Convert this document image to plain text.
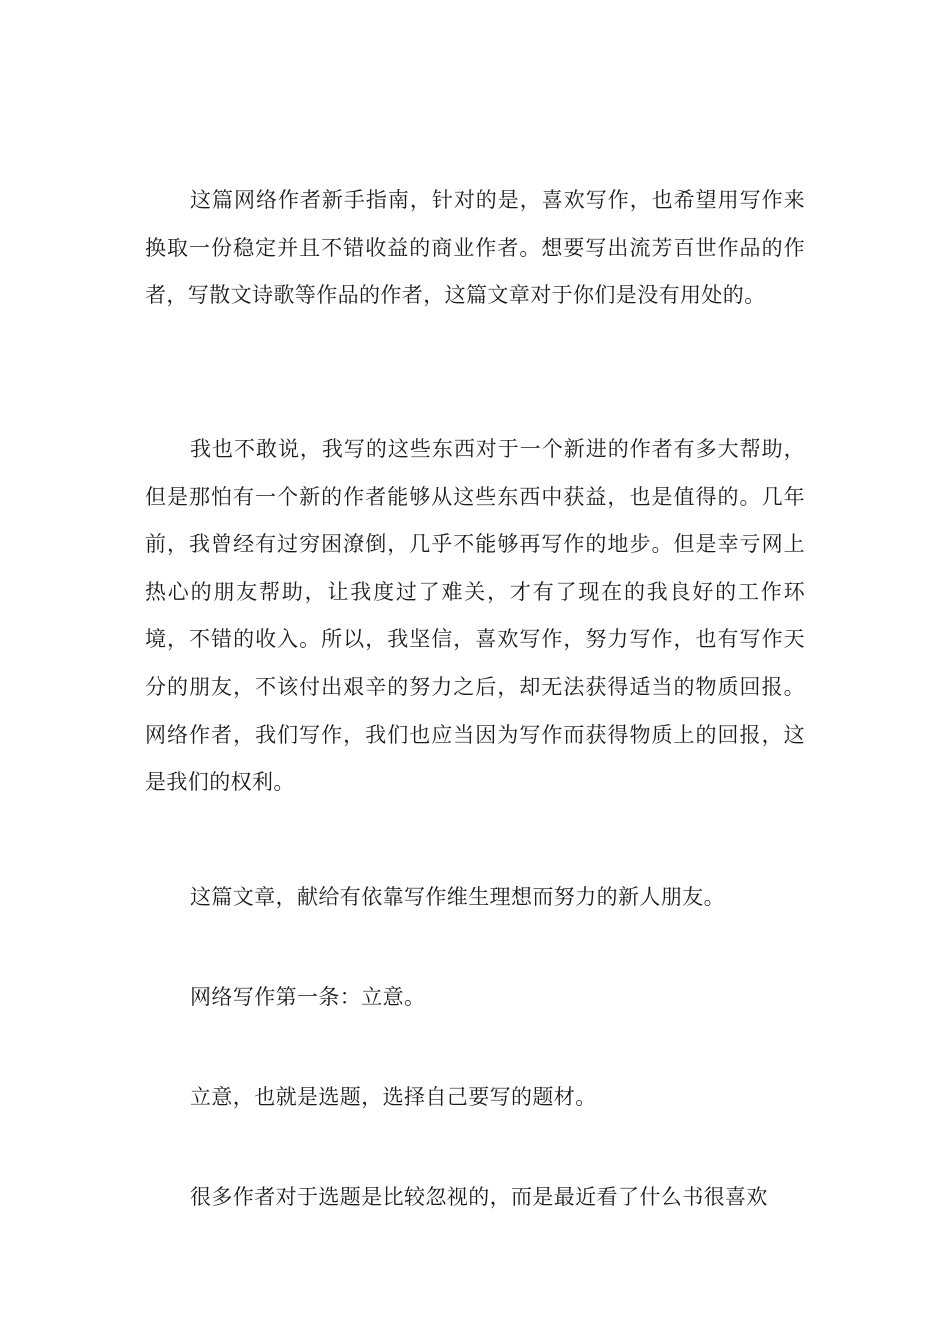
这篇网络作者新手指南，针对的是，喜欢写作，也希望用写作来换取一份稳定并且不错收益的商业作者。想要写出流芳百世作品的作者，写散文诗歌等作品的作者，这篇文章对于你们是没有用处的。

我也不敢说，我写的这些东西对于一个新进的作者有多大帮助，但是那怕有一个新的作者能够从这些东西中获益，也是值得的。几年前，我曾经有过穷困潦倒，几乎不能够再写作的地步。但是幸亏网上热心的朋友帮助，让我度过了难关，才有了现在的我良好的工作环境，不错的收入。所以，我坚信，喜欢写作，努力写作，也有写作天分的朋友，不该付出艰辛的努力之后，却无法获得适当的物质回报。网络作者，我们写作，我们也应当因为写作而获得物质上的回报，这是我们的权利。

这篇文章，献给有依靠写作维生理想而努力的新人朋友。

网络写作第一条：立意。

立意，也就是选题，选择自己要写的题材。

很多作者对于选题是比较忽视的，而是最近看了什么书很喜欢
